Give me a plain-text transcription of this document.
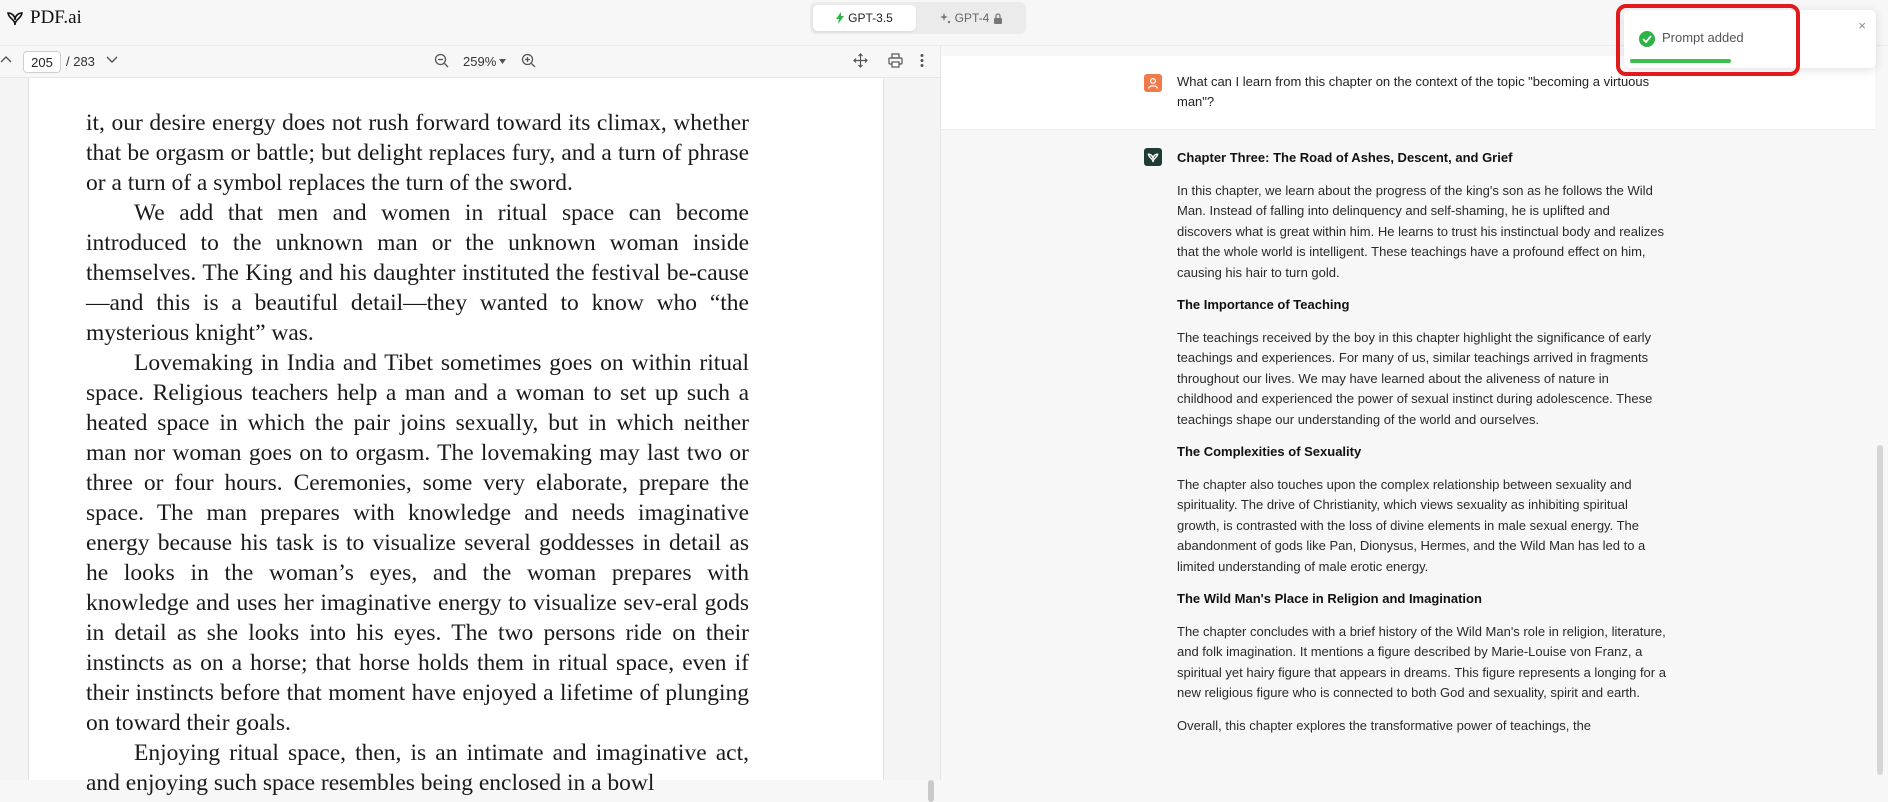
PDF.ai	GPT-3.5	GPT-4
205
/ 283	259%

it, our desire energy does not rush forward toward its climax, whether that be orgasm or battle; but delight replaces fury, and a turn of phrase or a turn of a symbol replaces the turn of the sword.

We add that men and women in ritual space can become introduced to the unknown man or the unknown woman inside themselves. The King and his daughter instituted the festival be-cause—and this is a beautiful detail—they wanted to know who “the mysterious knight” was.

Lovemaking in India and Tibet sometimes goes on within ritual space. Religious teachers help a man and a woman to set up such a heated space in which the pair joins sexually, but in which neither man nor woman goes on to orgasm. The lovemaking may last two or three or four hours. Ceremonies, some very elaborate, prepare the space. The man prepares with knowledge and needs imaginative energy because his task is to visualize several goddesses in detail as he looks in the woman’s eyes, and the woman prepares with knowledge and uses her imaginative energy to visualize sev-eral gods in detail as she looks into his eyes. The two persons ride on their instincts as on a horse; that horse holds them in ritual space, even if their instincts before that moment have enjoyed a lifetime of plunging on toward their goals.

Enjoying ritual space, then, is an intimate and imaginative act, and enjoying such space resembles being enclosed in a bowl

What can I learn from this chapter on the context of the topic "becoming a virtuous man"?
Chapter Three: The Road of Ashes, Descent, and Grief

In this chapter, we learn about the progress of the king's son as he follows the Wild Man. Instead of falling into delinquency and self-shaming, he is uplifted and discovers what is great within him. He learns to trust his instinctual body and realizes that the whole world is intelligent. These teachings have a profound effect on him, causing his hair to turn gold.

The Importance of Teaching

The teachings received by the boy in this chapter highlight the significance of early teachings and experiences. For many of us, similar teachings arrived in fragments throughout our lives. We may have learned about the aliveness of nature in childhood and experienced the power of sexual instinct during adolescence. These teachings shape our understanding of the world and ourselves.

The Complexities of Sexuality

The chapter also touches upon the complex relationship between sexuality and spirituality. The drive of Christianity, which views sexuality as inhibiting spiritual growth, is contrasted with the loss of divine elements in male sexual energy. The abandonment of gods like Pan, Dionysus, Hermes, and the Wild Man has led to a limited understanding of male erotic energy.

The Wild Man's Place in Religion and Imagination

The chapter concludes with a brief history of the Wild Man's role in religion, literature, and folk imagination. It mentions a figure described by Marie-Louise von Franz, a spiritual yet hairy figure that appears in dreams. This figure represents a longing for a new religious figure who is connected to both God and sexuality, spirit and earth.

Overall, this chapter explores the transformative power of teachings, the

Prompt added
×
